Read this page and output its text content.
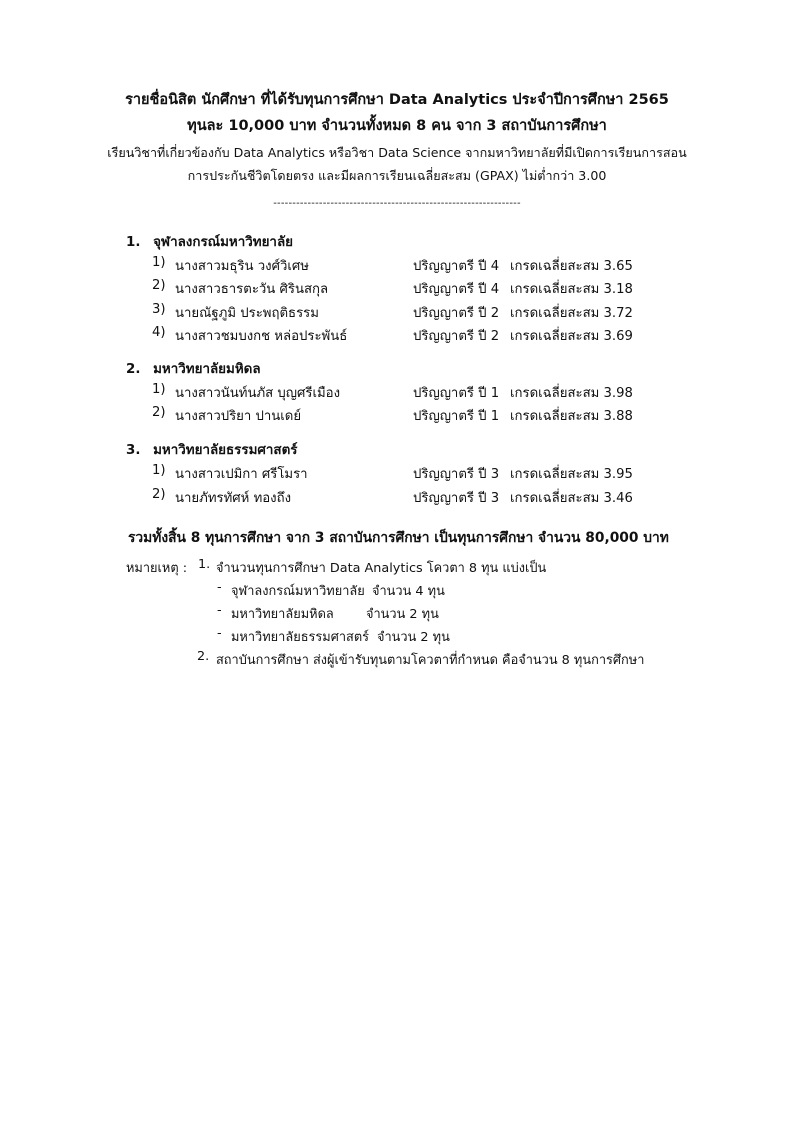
รายชื่อนิสิต นักศึกษา ที่ได้รับทุนการศึกษา Data Analytics ประจำปีการศึกษา 2565
ทุนละ 10,000 บาท จำนวนทั้งหมด 8 คน จาก 3 สถาบันการศึกษา
เรียนวิชาที่เกี่ยวข้องกับ Data Analytics หรือวิชา Data Science จากมหาวิทยาลัยที่มีเปิดการเรียนการสอน
การประกันชีวิตโดยตรง และมีผลการเรียนเฉลี่ยสะสม (GPAX) ไม่ต่ำกว่า 3.00
-----------------------------------------------------------------
1. จุฬาลงกรณ์มหาวิทยาลัย
1) นางสาวมธุริน วงศ์วิเศษ	ปริญญาตรี ปี 4 เกรดเฉลี่ยสะสม 3.65
2) นางสาวธารตะวัน ศิรินสกุล	ปริญญาตรี ปี 4 เกรดเฉลี่ยสะสม 3.18
3) นายณัฐภูมิ ประพฤติธรรม	ปริญญาตรี ปี 2 เกรดเฉลี่ยสะสม 3.72
4) นางสาวชมบงกช หล่อประพันธ์	ปริญญาตรี ปี 2 เกรดเฉลี่ยสะสม 3.69
2. มหาวิทยาลัยมหิดล
1) นางสาวนันท์นภัส บุญศรีเมือง	ปริญญาตรี ปี 1 เกรดเฉลี่ยสะสม 3.98
2) นางสาวปริยา ปานเดย์	ปริญญาตรี ปี 1 เกรดเฉลี่ยสะสม 3.88
3. มหาวิทยาลัยธรรมศาสตร์
1) นางสาวเปมิกา ศรีโมรา	ปริญญาตรี ปี 3 เกรดเฉลี่ยสะสม 3.95
2) นายภัทรทัศห์ ทองถึง	ปริญญาตรี ปี 3 เกรดเฉลี่ยสะสม 3.46
รวมทั้งสิ้น 8 ทุนการศึกษา จาก 3 สถาบันการศึกษา เป็นทุนการศึกษา จำนวน 80,000 บาท
หมายเหตุ : 1. จำนวนทุนการศึกษา Data Analytics โควตา 8 ทุน แบ่งเป็น
- จุฬาลงกรณ์มหาวิทยาลัย จำนวน 4 ทุน
- มหาวิทยาลัยมหิดล	จำนวน 2 ทุน
- มหาวิทยาลัยธรรมศาสตร์ จำนวน 2 ทุน
2. สถาบันการศึกษา ส่งผู้เข้ารับทุนตามโควตาที่กำหนด คือจำนวน 8 ทุนการศึกษา
